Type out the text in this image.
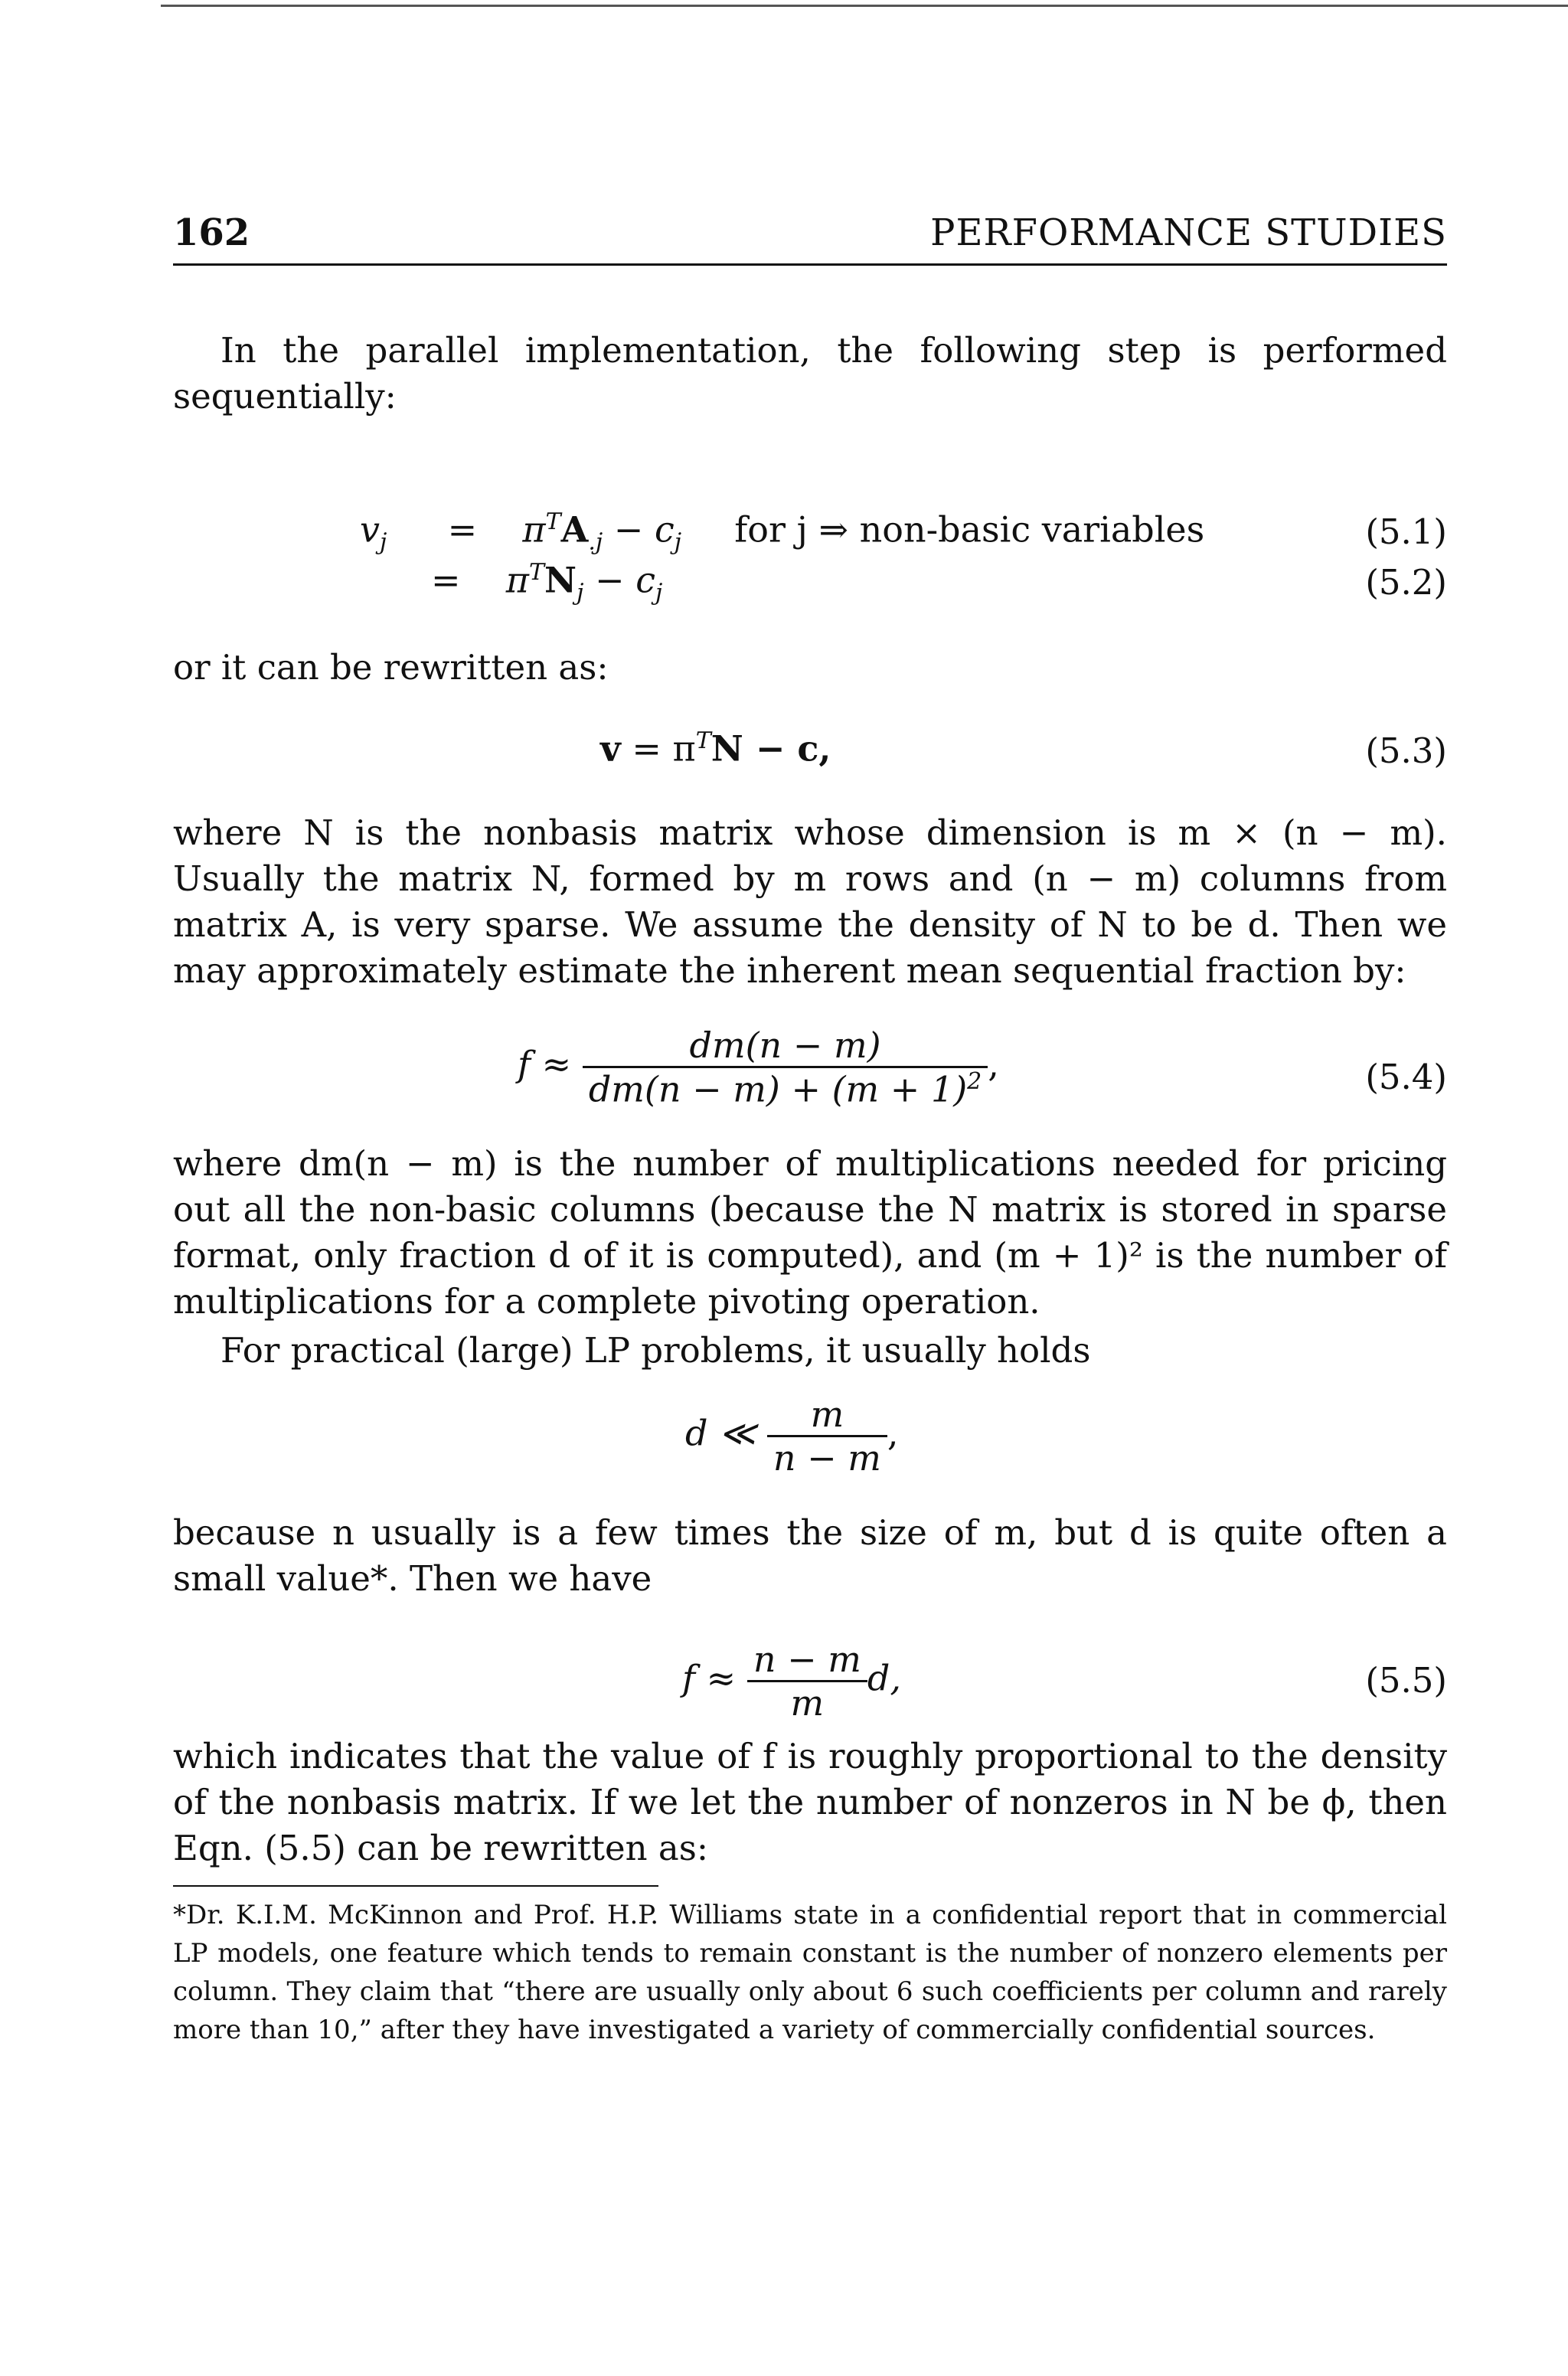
162	PERFORMANCE STUDIES
In the parallel implementation, the following step is performed sequentially:
$v_j = \pi^TA_{.j} - c_j$ for j ⇒ non-basic variables	(5.1)
= $\pi^TN_j - c_j$	(5.2)
or it can be rewritten as:
$v = \pi^TN - c$,	(5.3)
where N is the nonbasis matrix whose dimension is m × (n − m). Usually the matrix N, formed by m rows and (n − m) columns from matrix A, is very sparse. We assume the density of N to be d. Then we may approximately estimate the inherent mean sequential fraction by:
$f \approx \frac{dm(n - m)}{dm(n - m) + (m + 1)^2}$ ,	(5.4)
where dm(n − m) is the number of multiplications needed for pricing out all the non-basic columns (because the N matrix is stored in sparse format, only fraction d of it is computed), and (m + 1)² is the number of multiplications for a complete pivoting operation.
For practical (large) LP problems, it usually holds
d ≪ $\frac{m}{n - m}$ ,
because n usually is a few times the size of m, but d is quite often a small value*. Then we have
$f \approx \frac{n - m}{m} d$,	(5.5)
which indicates that the value of f is roughly proportional to the density of the nonbasis matrix. If we let the number of nonzeros in N be ϕ, then Eqn. (5.5) can be rewritten as:
*Dr. K.I.M. McKinnon and Prof. H.P. Williams state in a confidential report that in commercial LP models, one feature which tends to remain constant is the number of nonzero elements per column. They claim that “there are usually only about 6 such coefficients per column and rarely more than 10,” after they have investigated a variety of commercially confidential sources.
